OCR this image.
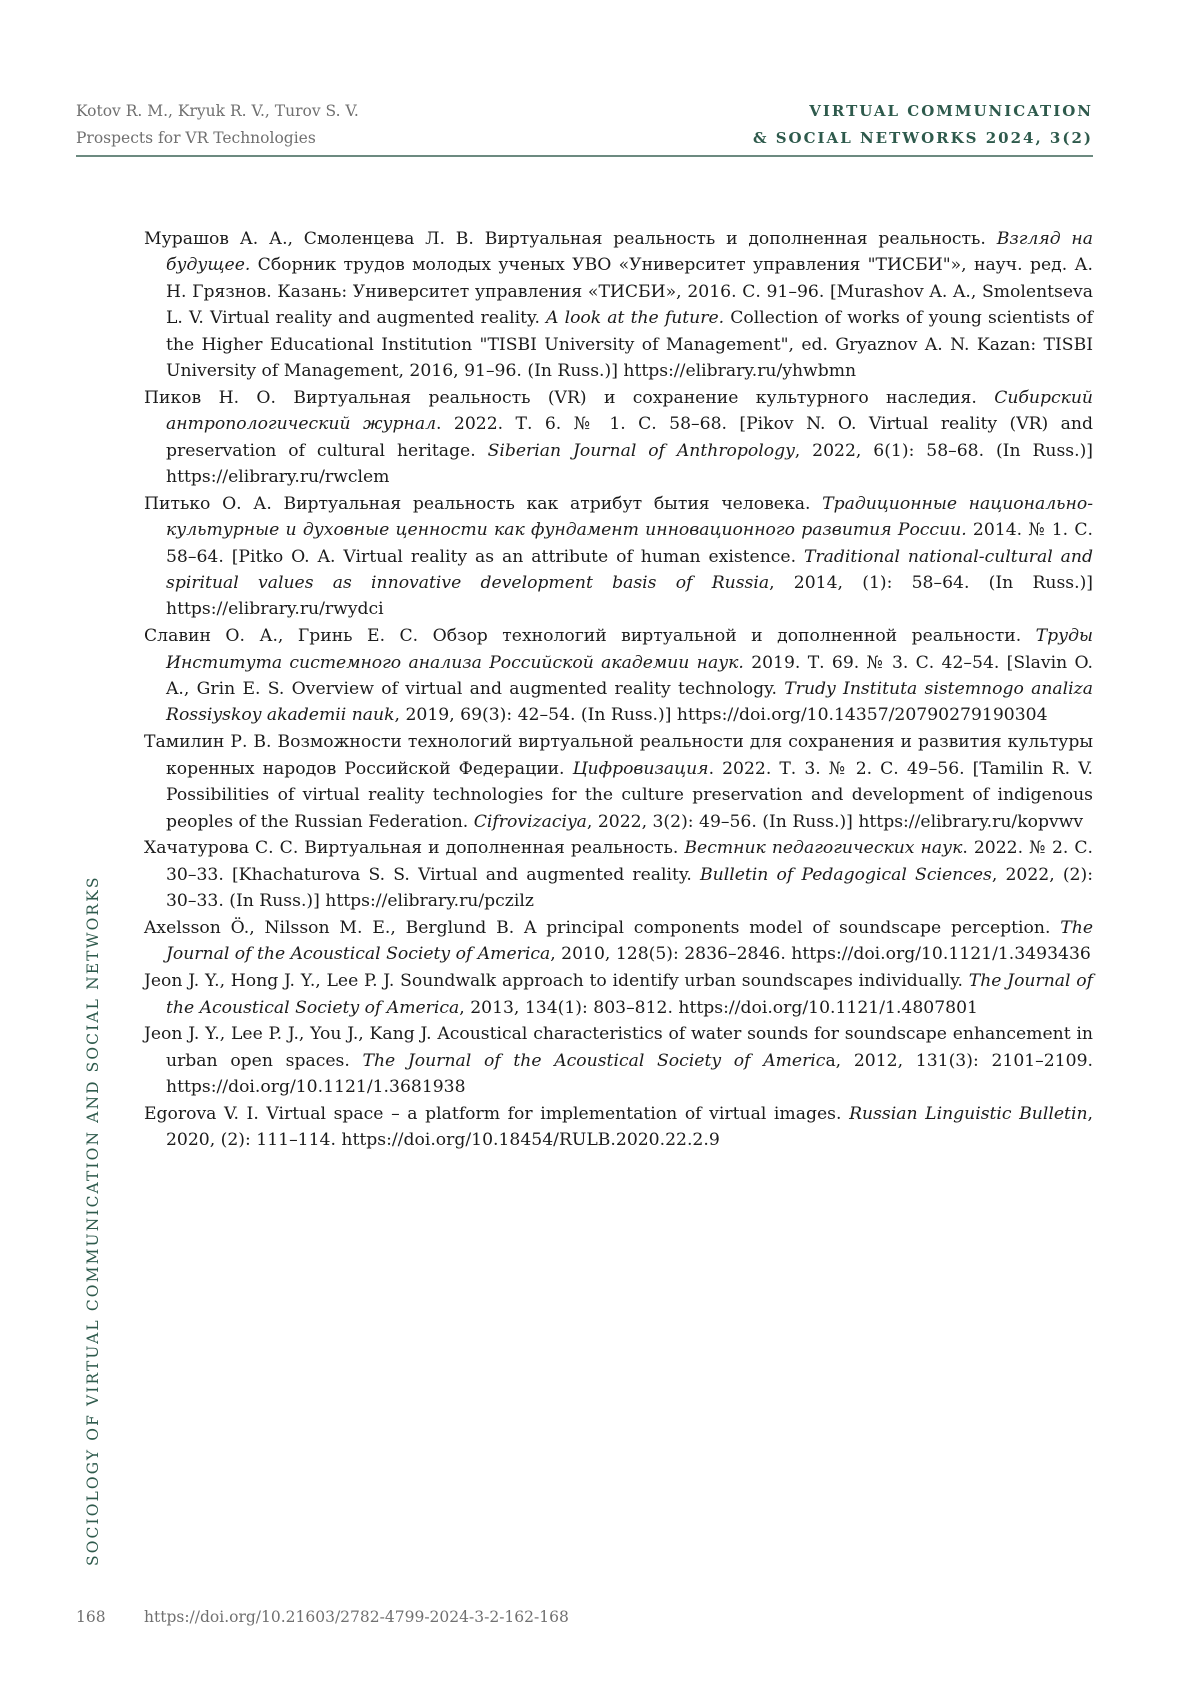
Kotov R. M., Kryuk R. V., Turov S. V.
Prospects for VR Technologies
VIRTUAL COMMUNICATION
& SOCIAL NETWORKS 2024, 3(2)
SOCIOLOGY OF VIRTUAL COMMUNICATION AND SOCIAL NETWORKS

Мурашов А. А., Смоленцева Л. В. Виртуальная реальность и дополненная реальность. Взгляд на будущее. Сборник трудов молодых ученых УВО «Университет управления "ТИСБИ"», науч. ред. А. Н. Грязнов. Казань: Университет управления «ТИСБИ», 2016. С. 91–96. [Murashov A. A., Smolentseva L. V. Virtual reality and augmented reality. A look at the future. Collection of works of young scientists of the Higher Educational Institution "TISBI University of Management", ed. Gryaznov A. N. Kazan: TISBI University of Management, 2016, 91–96. (In Russ.)] https://elibrary.ru/yhwbmn

Пиков Н. О. Виртуальная реальность (VR) и сохранение культурного наследия. Сибирский антропологический журнал. 2022. Т. 6. № 1. С. 58–68. [Pikov N. O. Virtual reality (VR) and preservation of cultural heritage. Siberian Journal of Anthropology, 2022, 6(1): 58–68. (In Russ.)] https://elibrary.ru/rwclem

Питько О. А. Виртуальная реальность как атрибут бытия человека. Традиционные национально-культурные и духовные ценности как фундамент инновационного развития России. 2014. № 1. С. 58–64. [Pitko O. A. Virtual reality as an attribute of human existence. Traditional national-cultural and spiritual values as innovative development basis of Russia, 2014, (1): 58–64. (In Russ.)] https://elibrary.ru/rwydci

Славин О. А., Гринь Е. С. Обзор технологий виртуальной и дополненной реальности. Труды Института системного анализа Российской академии наук. 2019. Т. 69. № 3. С. 42–54. [Slavin O. A., Grin E. S. Overview of virtual and augmented reality technology. Trudy Instituta sistemnogo analiza Rossiyskoy akademii nauk, 2019, 69(3): 42–54. (In Russ.)] https://doi.org/10.14357/20790279190304

Тамилин Р. В. Возможности технологий виртуальной реальности для сохранения и развития культуры коренных народов Российской Федерации. Цифровизация. 2022. Т. 3. № 2. С. 49–56. [Tamilin R. V. Possibilities of virtual reality technologies for the culture preservation and development of indigenous peoples of the Russian Federation. Cifrovizaciya, 2022, 3(2): 49–56. (In Russ.)] https://elibrary.ru/kopvwv

Хачатурова С. С. Виртуальная и дополненная реальность. Вестник педагогических наук. 2022. № 2. С. 30–33. [Khachaturova S. S. Virtual and augmented reality. Bulletin of Pedagogical Sciences, 2022, (2): 30–33. (In Russ.)] https://elibrary.ru/pczilz

Axelsson Ö., Nilsson M. E., Berglund B. A principal components model of soundscape perception. The Journal of the Acoustical Society of America, 2010, 128(5): 2836–2846. https://doi.org/10.1121/1.3493436

Jeon J. Y., Hong J. Y., Lee P. J. Soundwalk approach to identify urban soundscapes individually. The Journal of the Acoustical Society of America, 2013, 134(1): 803–812. https://doi.org/10.1121/1.4807801

Jeon J. Y., Lee P. J., You J., Kang J. Acoustical characteristics of water sounds for soundscape enhancement in urban open spaces. The Journal of the Acoustical Society of America, 2012, 131(3): 2101–2109. https://doi.org/10.1121/1.3681938

Egorova V. I. Virtual space – a platform for implementation of virtual images. Russian Linguistic Bulletin, 2020, (2): 111–114. https://doi.org/10.18454/RULB.2020.22.2.9

168 https://doi.org/10.21603/2782-4799-2024-3-2-162-168
